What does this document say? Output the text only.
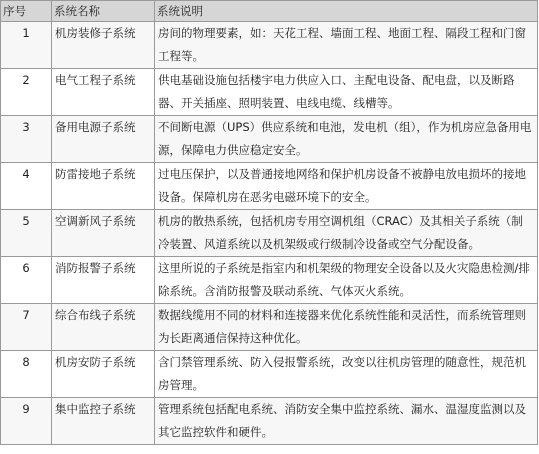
序号	系统名称	系统说明
1	机房装修子系统	房间的物理要素，如：天花工程、墙面工程、地面工程、隔段工程和门窗工程等。
2	电气工程子系统	供电基础设施包括楼宇电力供应入口、主配电设备、配电盘，以及断路器、开关插座、照明装置、电线电缆、线槽等。
3	备用电源子系统	不间断电源（UPS）供应系统和电池，发电机（组），作为机房应急备用电源，保障电力供应稳定安全。
4	防雷接地子系统	过电压保护，以及普通接地网络和保护机房设备不被静电放电损坏的接地设备。保障机房在恶劣电磁环境下的安全。
5	空调新风子系统	机房的散热系统，包括机房专用空调机组（CRAC）及其相关子系统（制冷装置、风道系统以及机架级或行级制冷设备或空气分配设备。
6	消防报警子系统	这里所说的子系统是指室内和机架级的物理安全设备以及火灾隐患检测/排除系统。含消防报警及联动系统、气体灭火系统。
7	综合布线子系统	数据线缆用不同的材料和连接器来优化系统性能和灵活性，而系统管理则为长距离通信保持这种优化。
8	机房安防子系统	含门禁管理系统、防入侵报警系统，改变以往机房管理的随意性，规范机房管理。
9	集中监控子系统	管理系统包括配电系统、消防安全集中监控系统、漏水、温湿度监测以及其它监控软件和硬件。
